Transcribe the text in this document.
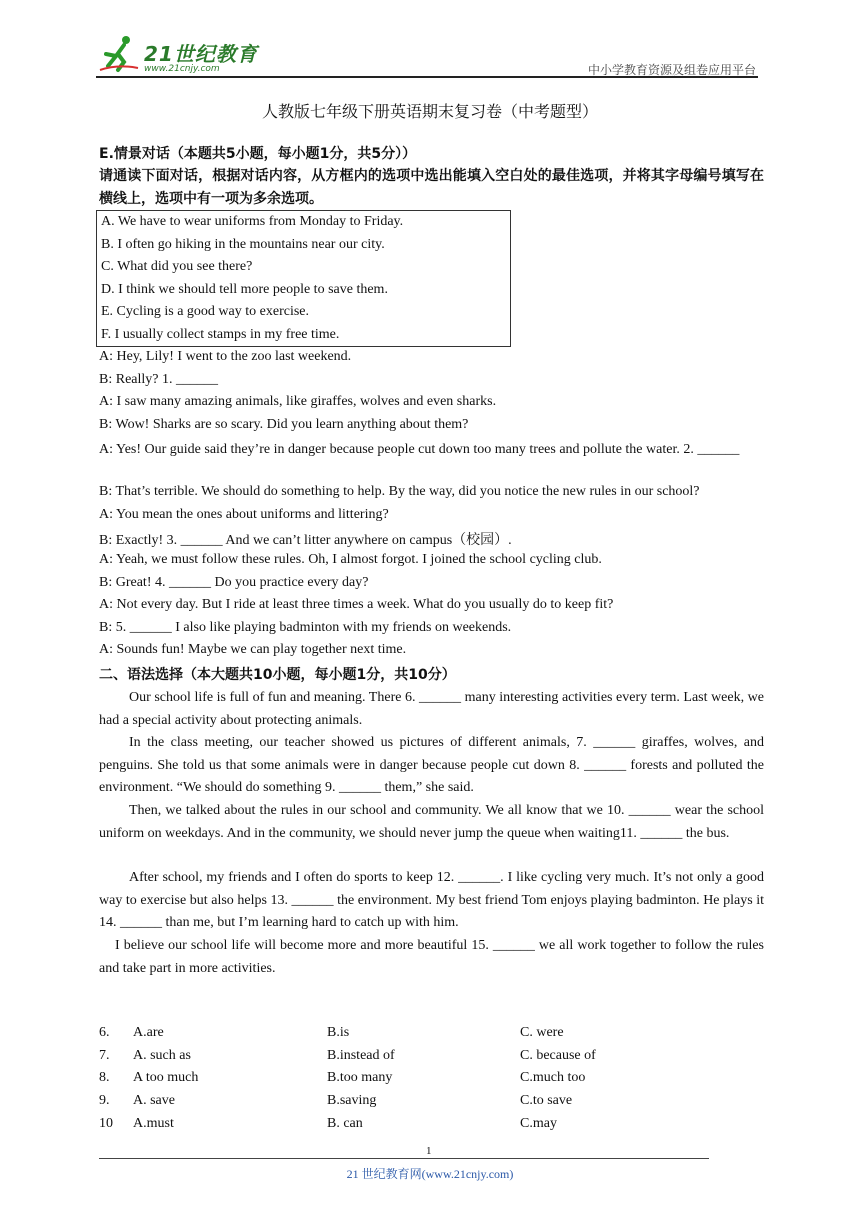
21世纪教育
www.21cnjy.com	中小学教育资源及组卷应用平台
人教版七年级下册英语期末复习卷（中考题型）

E.情景对话（本题共5小题，每小题1分，共5分））

请通读下面对话，根据对话内容，从方框内的选项中选出能填入空白处的最佳选项，并将其字母编号填写在横线上，选项中有一项为多余选项。

A. We have to wear uniforms from Monday to Friday.
B. I often go hiking in the mountains near our city.
C. What did you see there?
D. I think we should tell more people to save them.
E. Cycling is a good way to exercise.
F. I usually collect stamps in my free time.
A: Hey, Lily! I went to the zoo last weekend.
B: Really? 1. ______
A: I saw many amazing animals, like giraffes, wolves and even sharks.
B: Wow! Sharks are so scary. Did you learn anything about them?

A: Yes! Our guide said they’re in danger because people cut down too many trees and pollute the water. 2. ______

B: That’s terrible. We should do something to help. By the way, did you notice the new rules in our school?
A: You mean the ones about uniforms and littering?
B: Exactly! 3. ______ And we can’t litter anywhere on campus（校园）.
A: Yeah, we must follow these rules. Oh, I almost forgot. I joined the school cycling club.
B: Great! 4. ______ Do you practice every day?
A: Not every day. But I ride at least three times a week. What do you usually do to keep fit?
B: 5. ______ I also like playing badminton with my friends on weekends.
A: Sounds fun! Maybe we can play together next time.

二、语法选择（本大题共10小题，每小题1分，共10分）

Our school life is full of fun and meaning. There 6. ______ many interesting activities every term. Last week, we had a special activity about protecting animals.

In the class meeting, our teacher showed us pictures of different animals, 7. ______ giraffes, wolves, and penguins. She told us that some animals were in danger because people cut down 8. ______ forests and polluted the environment. “We should do something 9. ______ them,” she said.

Then, we talked about the rules in our school and community. We all know that we 10. ______ wear the school uniform on weekdays. And in the community, we should never jump the queue when waiting11. ______ the bus.

After school, my friends and I often do sports to keep 12. ______. I like cycling very much. It’s not only a good way to exercise but also helps 13. ______ the environment. My best friend Tom enjoys playing badminton. He plays it 14. ______ than me, but I’m learning hard to catch up with him.

I believe our school life will become more and more beautiful 15. ______ we all work together to follow the rules and take part in more activities.

6. A.are	B.is	C. were
7. A. such as	B.instead of	C. because of
8. A too much	B.too many	C.much too
9. A. save	B.saving	C.to save
10 A.must	B. can	C.may
1
21 世纪教育网(www.21cnjy.com)
